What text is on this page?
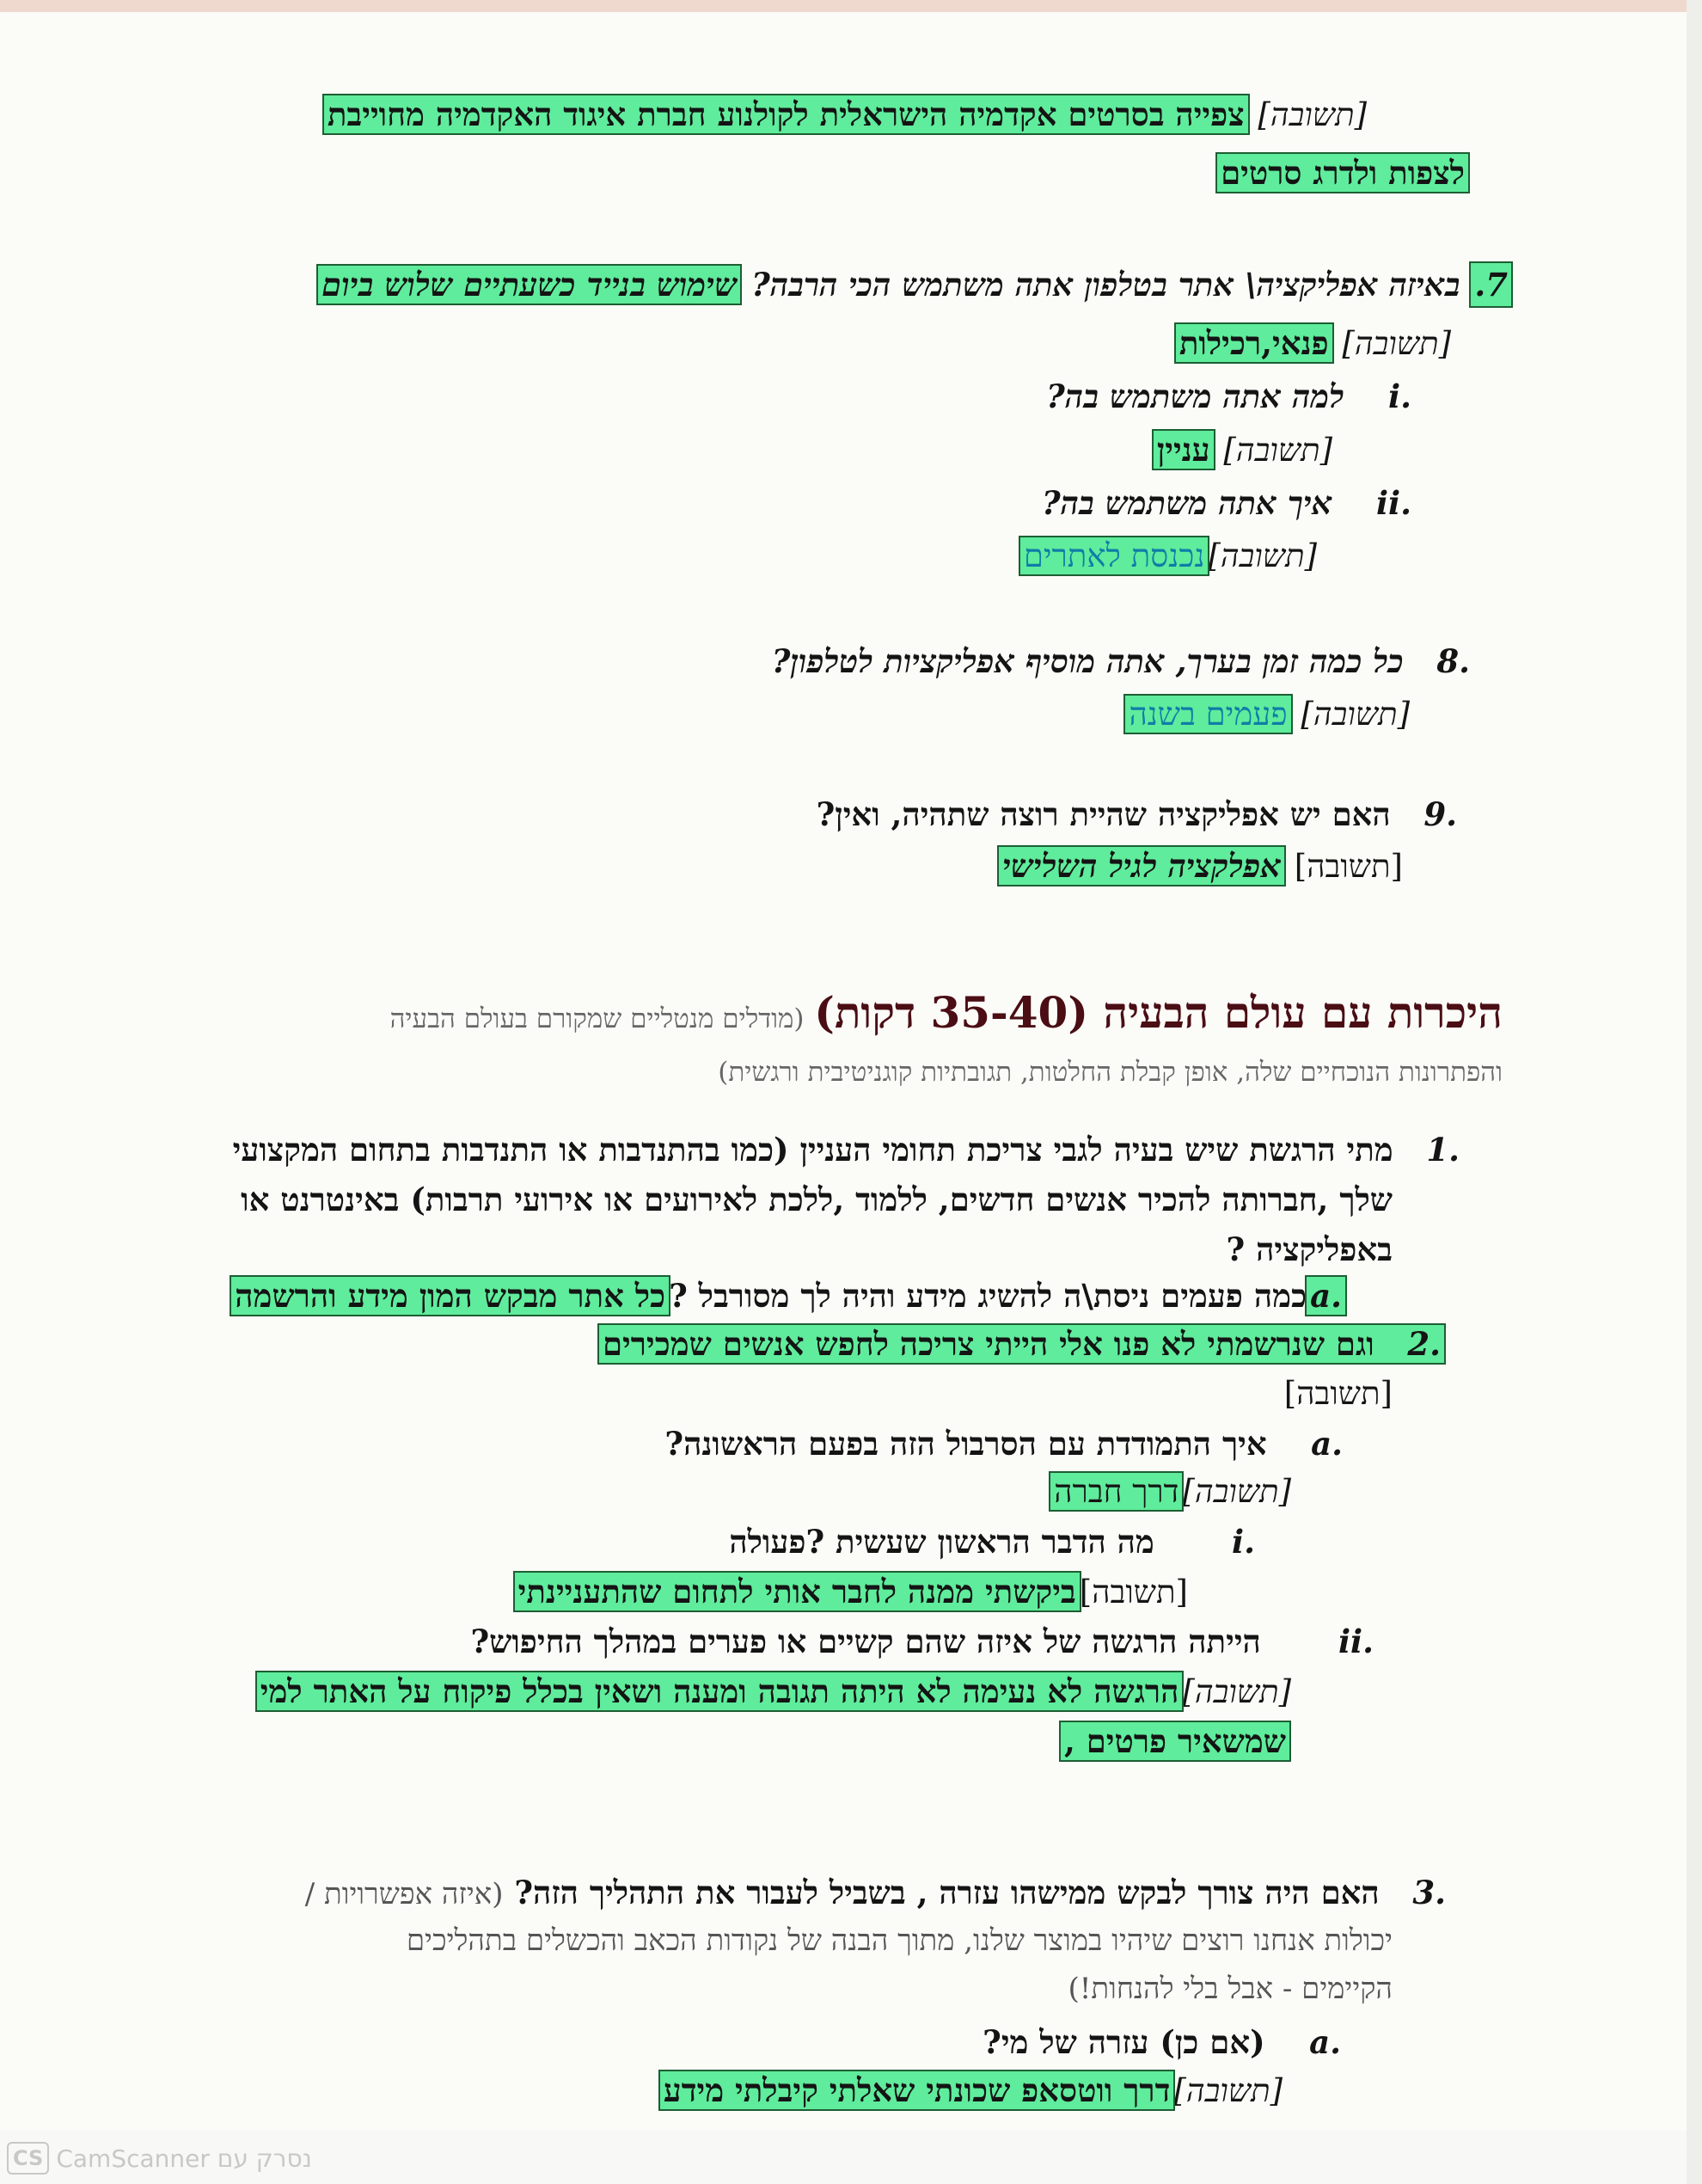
[תשובה] צפייה בסרטים אקדמיה הישראלית לקולנוע חברת איגוד האקדמיה מחוייבת
לצפות ולדרג סרטים
7. באיזה אפליקציה\ אתר בטלפון אתה משתמש הכי הרבה? שימוש בנייד כשעתיים שלוש ביום
[תשובה] פנאי,רכילות
.i    למה אתה משתמש בה?
[תשובה] עניין
.ii    איך אתה משתמש בה?
[תשובה]נכנסת לאתרים
.8   כל כמה זמן בערך, אתה מוסיף אפליקציות לטלפון?
[תשובה] פעמים בשנה
.9   האם יש אפליקציה שהיית רוצה שתהיה, ואין?
[תשובה] אפלקציה לגיל השלישי
היכרות עם עולם הבעיה (35-40 דקות) (מודלים מנטליים שמקורם בעולם הבעיה
והפתרונות הנוכחיים שלה, אופן קבלת החלטות, תגובתיות קוגניטיבית ורגשית)
.1   מתי הרגשת שיש בעיה לגבי צריכת תחומי העניין (כמו בהתנדבות או התנדבות בתחום המקצועי
שלך ,חברותה להכיר אנשים חדשים, ללמוד ,ללכת לאירועים או אירועי תרבות) באינטרנט או
באפליקציה ?
.aכמה פעמים ניסת\ה להשיג מידע והיה לך מסורבל ?כל אתר מבקש המון מידע והרשמה
.2   וגם שנרשמתי לא פנו אלי הייתי צריכה לחפש אנשים שמכירים
[תשובה]
.a    איך התמודדת עם הסרבול הזה בפעם הראשונה?
[תשובה]דרך חברה
.i       מה הדבר הראשון שעשית ?פעולה
[תשובה]ביקשתי ממנה לחבר אותי לתחום שהתעניינתי
.ii       הייתה הרגשה של איזה שהם קשיים או פערים במהלך החיפוש?
[תשובה]הרגשה לא נעימה לא היתה תגובה ומענה ושאין בכלל פיקוח על האתר למי
שמשאיר פרטים ,
.3   האם היה צורך לבקש ממישהו עזרה , בשביל לעבור את התהליך הזה? (איזה אפשרויות /
יכולות אנחנו רוצים שיהיו במוצר שלנו, מתוך הבנה של נקודות הכאב והכשלים בתהליכים
הקיימים - אבל בלי להנחות!)
.a    (אם כן) עזרה של מי?
[תשובה]דרך ווטסאפ שכונתי שאלתי קיבלתי מידע
CS נסרק עם CamScanner
